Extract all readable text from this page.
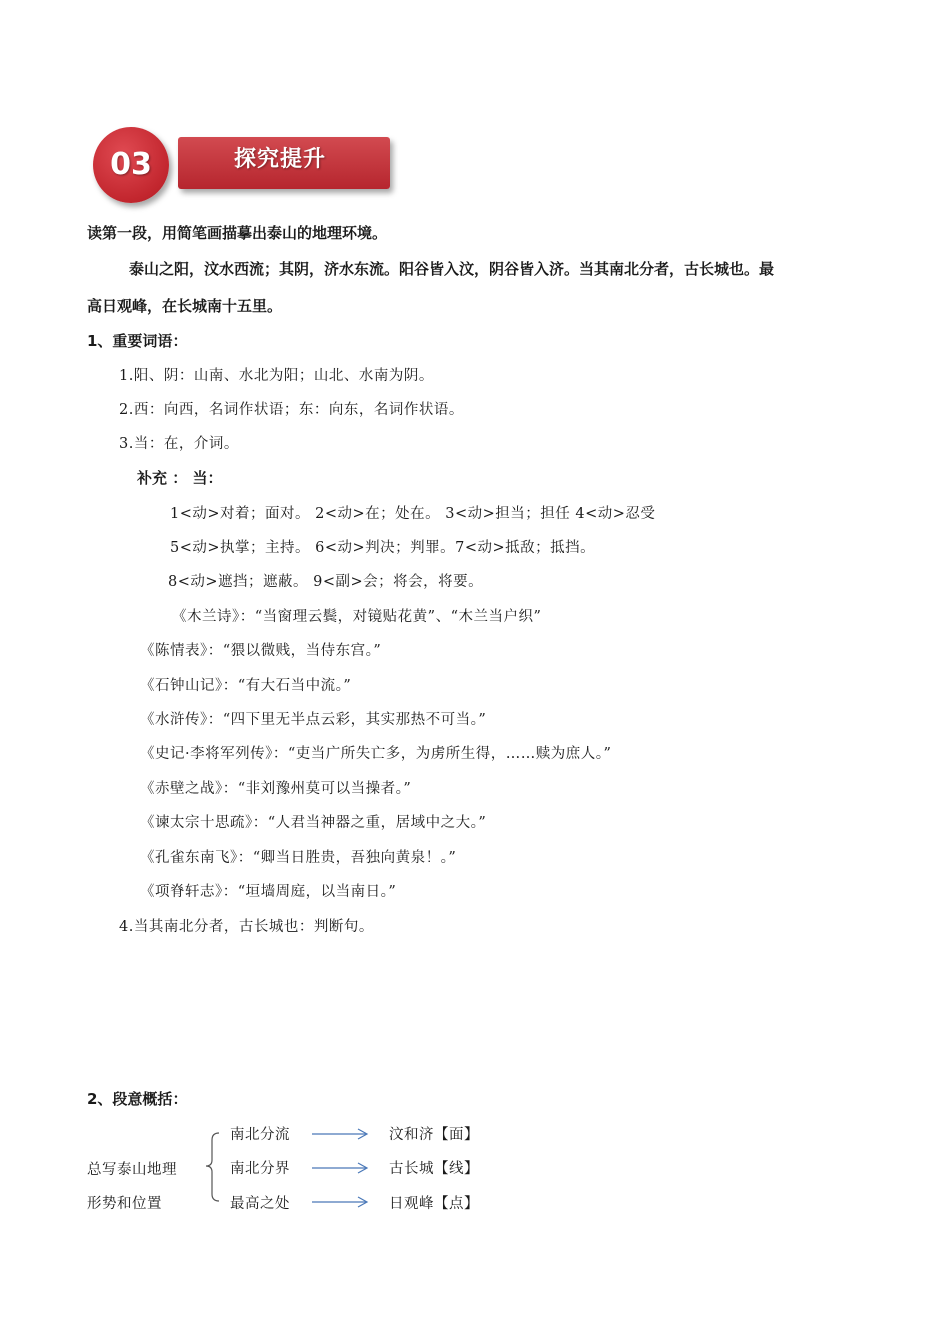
探究提升
03
读第一段，用简笔画描摹出泰山的地理环境。
泰山之阳，汶水西流；其阴，济水东流。阳谷皆入汶，阴谷皆入济。当其南北分者，古长城也。最
高日观峰，在长城南十五里。
1、重要词语：
1.阳、阴：山南、水北为阳；山北、水南为阴。
2.西：向西，名词作状语；东：向东，名词作状语。
3.当：在，介词。
补充 ： 当：
1<动>对着；面对。 2<动>在；处在。 3<动>担当；担任 4<动>忍受
5<动>执掌；主持。 6<动>判决；判罪。7<动>抵敌；抵挡。
8<动>遮挡；遮蔽。 9<副>会；将会，将要。
《木兰诗》：“当窗理云鬓，对镜贴花黄”、“木兰当户织”
《陈情表》：“猥以微贱，当侍东宫。”
《石钟山记》：“有大石当中流。”
《水浒传》：“四下里无半点云彩，其实那热不可当。”
《史记·李将军列传》：“吏当广所失亡多，为虏所生得，……赎为庶人。”
《赤壁之战》：“非刘豫州莫可以当操者。”
《谏太宗十思疏》：“人君当神器之重，居域中之大。”
《孔雀东南飞》：“卿当日胜贵，吾独向黄泉！。”
《项脊轩志》：“垣墙周庭，以当南日。”
4.当其南北分者，古长城也：判断句。
2、段意概括：
总写泰山地理
形势和位置
南北分流
南北分界
最高之处
汶和济【面】
古长城【线】
日观峰【点】
